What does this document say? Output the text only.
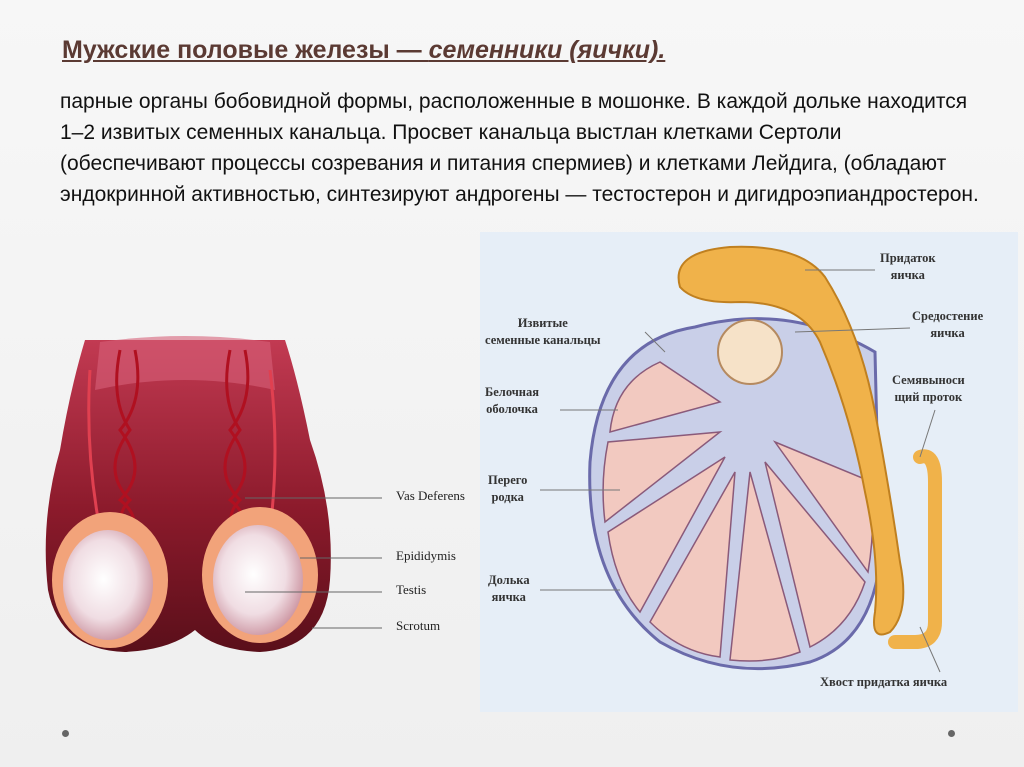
Мужские половые железы — семенники (яички).
парные органы бобовидной формы, расположенные в мошонке. В каждой дольке находится 1–2 извитых семенных канальца. Просвет канальца выстлан клетками Сертоли (обеспечивают процессы созревания и питания спермиев) и клетками Лейдига, (обладают эндокринной активностью, синтезируют андрогены — тестостерон и дигидроэпиандростерон.
Vas Deferens
Epididymis
Testis
Scrotum
Придаток
яичка
Средостение
яичка
Извитые
семенные канальцы
Белочная
оболочка
Семявыноси
щий проток
Перего
родка
Долька
яичка
Хвост придатка яичка
